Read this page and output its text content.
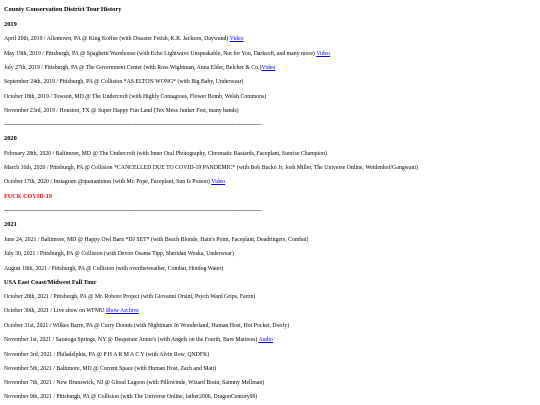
County Conservation District Tour History
2019
April 20th, 2019 / Allentown, PA @ King Koffee (with Disaster Fetish, K.R. Jackson, Daywand) Video
May 19th, 2019 / Pittsburgh, PA @ Spaghetti Warehouse (with Echo Lightwave Unspeakable, Not for You, Darksoft, and many more) Video
July 27th, 2019 / Pittsburgh, PA @ The Government Center (with Ross Wightman, Anna Elder, Belcher & Co.)Video
September 24th, 2019 / Pittsburgh, PA @ Collision *AS ELTON WONG* (with Big Baby, Underwear)
October 18th, 2019 / Towson, MD @ The Undercroft (with Highly Contagious, Flower Bomb, Welsh Commons)
November 23rd, 2019 / Houston, TX @ Super Happy Fun Land (Tex Mess Junker Fest, many bands)
------------------------------------------------------------------------------------------------------------------------------------------------------------
2020
February 28th, 2020 / Baltimore, MD @ The Undercroft (with Inner Oral Photography, Chromatic Bastards, Faceplant, Sunrise Champion)
March 16th, 2020 / Pittsburgh, PA @ Collision *CANCELLED DUE TO COVID-19 PANDEMIC* (with Bob Bucko Jr, Josh Miller, The Universe Online, Weidenhof/Gangwani)
October 17th, 2020 / Instagram @quarantunes (with Mr. Pope, Faceplant, Sun Is Poison) Video
FUCK COVID-19
------------------------------------------------------------------------------------------------------------------------------------------------------------
2021
June 24, 2021 / Baltimore, MD @ Happy Owl Barn *DJ SET* (with Beach Blonde, Hain's Point, Faceplant, Deadringers, Combat)
July 30, 2021 / Pittsburgh, PA @ Collision (with Devon Osama Tipp, Sheridan Woska, Underwear)
August 18th, 2021 / Pittsburgh, PA @ Collision (with overtheweather, Combat, Hotdog Water)
USA East Coast/Midwest Fall Tour
October 28th, 2021 / Pittsburgh, PA @ Mr. Roboto Project (with Giovanni Orsini, Psych Ward Grips, Faron)
October 30th, 2021 / Live show on WFMU Show Archive
October 31st, 2021 / Wilkes Barre, PA @ Curry Donuts (with Nightmare In Wonderland, Human Host, Hot Pocket, Doofy)
November 1st, 2021 / Saratoga Springs, NY @ Desperate Annie's (with Angels on the Fourth, Bare Mattress) Audio
November 3rd, 2021 / Philadelphia, PA @ P H A R M A C Y (with Alvin Row, QNDFK)
November 5th, 2021 / Baltimore, MD @ Current Space (with Human Host, Zach and Matt)
November 7th, 2021 / New Brunswick, NJ @ Ghoul Lagoon (with Pillowinde, Wizard Brain, Sammy Mellman)
November 9th, 2021 / Pittsburgh, PA @ Collision (with The Universe Online, father2006, DragonCentury99)
